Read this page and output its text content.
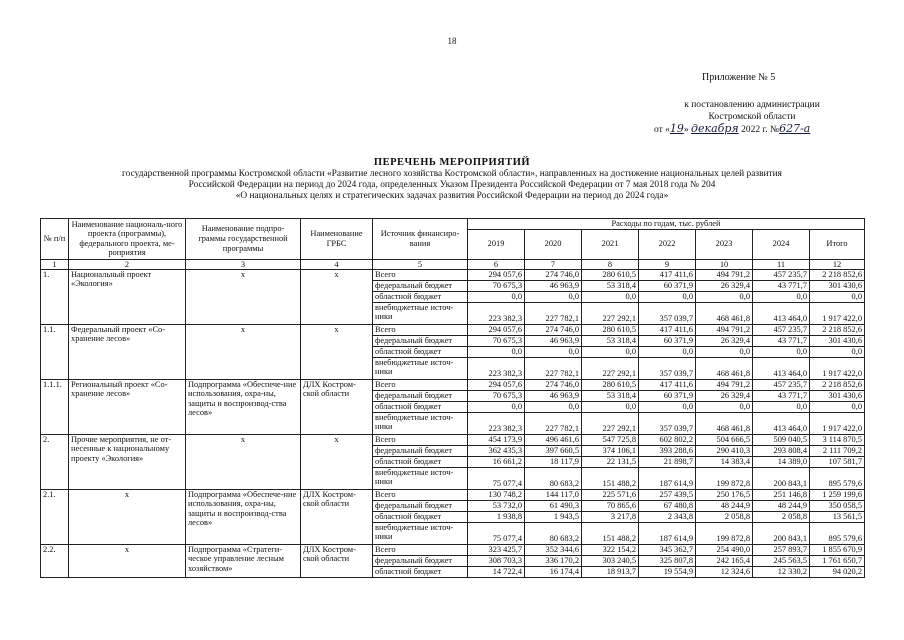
18
Приложение № 5
к постановлению администрации
Костромской области
от «19» декабря 2022 г. №627-а
ПЕРЕЧЕНЬ МЕРОПРИЯТИЙ
государственной программы Костромской области «Развитие лесного хозяйства Костромской области», направленных на достижение национальных целей развития
Российской Федерации на период до 2024 года, определенных Указом Президента Российской Федерации от 7 мая 2018 года № 204
«О национальных целях и стратегических задачах развития Российской Федерации на период до 2024 года»
№ п/п	Наименование националь-ного проекта (программы), федерального проекта, ме-роприятия	Наименование подпро-граммы государственной программы	Наименование ГРБС	Источник финансиро-вания	Расходы по годам, тыс. рублей						
					2019	2020	2021	2022	2023	2024	Итого
1	2	3	4	5	6	7	8	9	10	11	12
1.	Национальный проект «Экология»	х	х	Всего	294 057,6	274 746,0	280 610,5	417 411,6	494 791,2	457 235,7	2 218 852,6
				федеральный бюджет	70 675,3	46 963,9	53 318,4	60 371,9	26 329,4	43 771,7	301 430,6
				областной бюджет	0,0	0,0	0,0	0,0	0,0	0,0	0,0
				внебюджетные источ-ники	223 382,3	227 782,1	227 292,1	357 039,7	468 461,8	413 464,0	1 917 422,0
1.1.	Федеральный проект «Со-хранение лесов»	х	х	Всего	294 057,6	274 746,0	280 610,5	417 411,6	494 791,2	457 235,7	2 218 852,6
				федеральный бюджет	70 675,3	46 963,9	53 318,4	60 371,9	26 329,4	43 771,7	301 430,6
				областной бюджет	0,0	0,0	0,0	0,0	0,0	0,0	0,0
				внебюджетные источ-ники	223 382,3	227 782,1	227 292,1	357 039,7	468 461,8	413 464,0	1 917 422,0
1.1.1.	Региональный проект «Со-хранение лесов»	Подпрограмма «Обеспече-ние использования, охра-ны, защиты и воспроизвод-ства лесов»	ДЛХ Костром-ской области	Всего	294 057,6	274 746,0	280 610,5	417 411,6	494 791,2	457 235,7	2 218 852,6
				федеральный бюджет	70 675,3	46 963,9	53 318,4	60 371,9	26 329,4	43 771,7	301 430,6
				областной бюджет	0,0	0,0	0,0	0,0	0,0	0,0	0,0
				внебюджетные источ-ники	223 382,3	227 782,1	227 292,1	357 039,7	468 461,8	413 464,0	1 917 422,0
2.	Прочие мероприятия, не от-несенные к национальному проекту «Экология»	х	х	Всего	454 173,9	496 461,6	547 725,8	602 802,2	504 666,5	509 040,5	3 114 870,5
				федеральный бюджет	362 435,3	397 660,5	374 106,1	393 288,6	290 410,3	293 808,4	2 111 709,2
				областной бюджет	16 661,2	18 117,9	22 131,5	21 898,7	14 383,4	14 389,0	107 581,7
				внебюджетные источ-ники	75 077,4	80 683,2	151 488,2	187 614,9	199 872,8	200 843,1	895 579,6
2.1.	х	Подпрограмма «Обеспече-ние использования, охра-ны, защиты и воспроизвод-ства лесов»	ДЛХ Костром-ской области	Всего	130 748,2	144 117,0	225 571,6	257 439,5	250 176,5	251 146,8	1 259 199,6
				федеральный бюджет	53 732,0	61 490,3	70 865,6	67 480,8	48 244,9	48 244,9	350 058,5
				областной бюджет	1 938,8	1 943,5	3 217,8	2 343,8	2 058,8	2 058,8	13 561,5
				внебюджетные источ-ники	75 077,4	80 683,2	151 488,2	187 614,9	199 872,8	200 843,1	895 579,6
2.2.	х	Подпрограмма «Стратеги-ческое управление лесным хозяйством»	ДЛХ Костром-ской области	Всего	323 425,7	352 344,6	322 154,2	345 362,7	254 490,0	257 893,7	1 855 670,9
				федеральный бюджет	308 703,3	336 170,2	303 240,5	325 807,8	242 165,4	245 563,5	1 761 650,7
				областной бюджет	14 722,4	16 174,4	18 913,7	19 554,9	12 324,6	12 330,2	94 020,2
